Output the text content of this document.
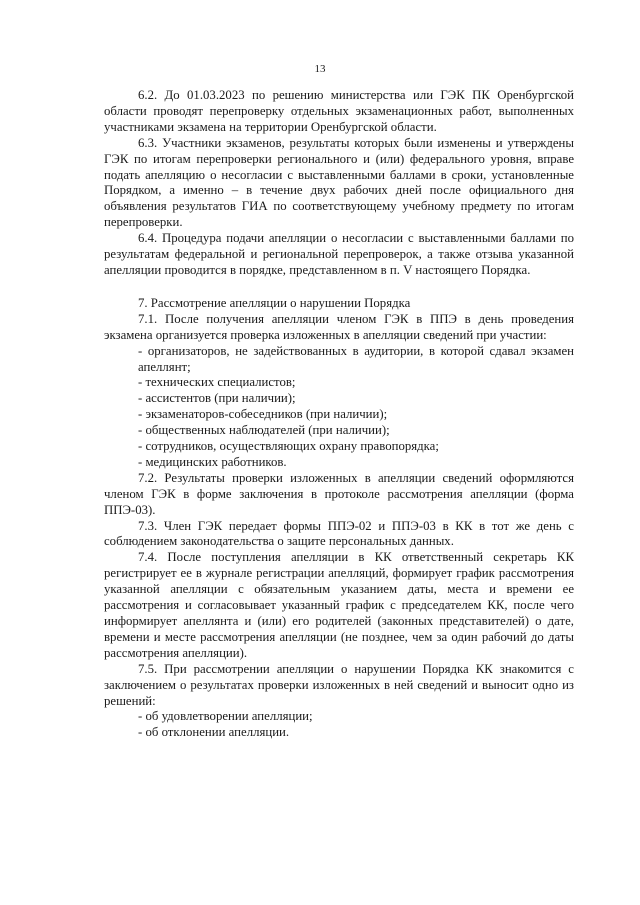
13

6.2. До 01.03.2023 по решению министерства или ГЭК ПК Оренбургской области проводят перепроверку отдельных экзаменационных работ, выполненных участниками экзамена на территории Оренбургской области.

6.3. Участники экзаменов, результаты которых были изменены и утверждены ГЭК по итогам перепроверки регионального и (или) федерального уровня, вправе подать апелляцию о несогласии с выставленными баллами в сроки, установленные Порядком, а именно – в течение двух рабочих дней после официального дня объявления результатов ГИА по соответствующему учебному предмету по итогам перепроверки.

6.4. Процедура подачи апелляции о несогласии с выставленными баллами по результатам федеральной и региональной перепроверок, а также отзыва указанной апелляции проводится в порядке, представленном в п. V настоящего Порядка.

7. Рассмотрение апелляции о нарушении Порядка

7.1. После получения апелляции членом ГЭК в ППЭ в день проведения экзамена организуется проверка изложенных в апелляции сведений при участии:

- организаторов, не задействованных в аудитории, в которой сдавал экзамен апеллянт;
- технических специалистов;
- ассистентов (при наличии);
- экзаменаторов-собеседников (при наличии);
- общественных наблюдателей (при наличии);
- сотрудников, осуществляющих охрану правопорядка;
- медицинских работников.

7.2. Результаты проверки изложенных в апелляции сведений оформляются членом ГЭК в форме заключения в протоколе рассмотрения апелляции (форма ППЭ-03).

7.3. Член ГЭК передает формы ППЭ-02 и ППЭ-03 в КК в тот же день с соблюдением законодательства о защите персональных данных.

7.4. После поступления апелляции в КК ответственный секретарь КК регистрирует ее в журнале регистрации апелляций, формирует график рассмотрения указанной апелляции с обязательным указанием даты, места и времени ее рассмотрения и согласовывает указанный график с председателем КК, после чего информирует апеллянта и (или) его родителей (законных представителей) о дате, времени и месте рассмотрения апелляции (не позднее, чем за один рабочий до даты рассмотрения апелляции).

7.5. При рассмотрении апелляции о нарушении Порядка КК знакомится с заключением о результатах проверки изложенных в ней сведений и выносит одно из решений:

- об удовлетворении апелляции;
- об отклонении апелляции.
